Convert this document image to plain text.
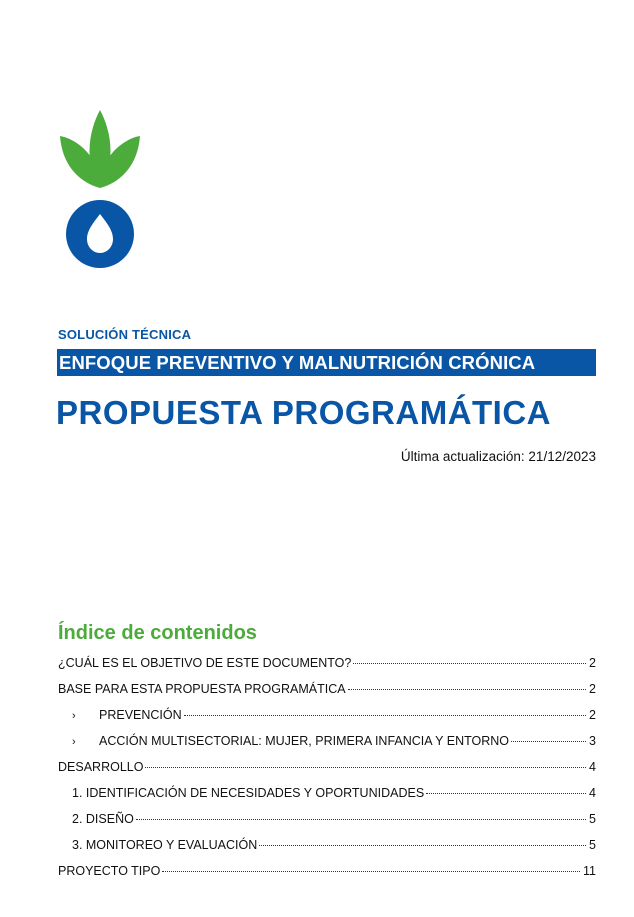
SOLUCIÓN TÉCNICA
ENFOQUE PREVENTIVO Y MALNUTRICIÓN CRÓNICA
PROPUESTA PROGRAMÁTICA
Última actualización: 21/12/2023
Índice de contenidos
¿CUÁL ES EL OBJETIVO DE ESTE DOCUMENTO?	2
BASE PARA ESTA PROPUESTA PROGRAMÁTICA	2
›	PREVENCIÓN	2
›	ACCIÓN MULTISECTORIAL: MUJER, PRIMERA INFANCIA Y ENTORNO	3
DESARROLLO	4
1. IDENTIFICACIÓN DE NECESIDADES Y OPORTUNIDADES	4
2. DISEÑO	5
3. MONITOREO Y EVALUACIÓN	5
PROYECTO TIPO	11
